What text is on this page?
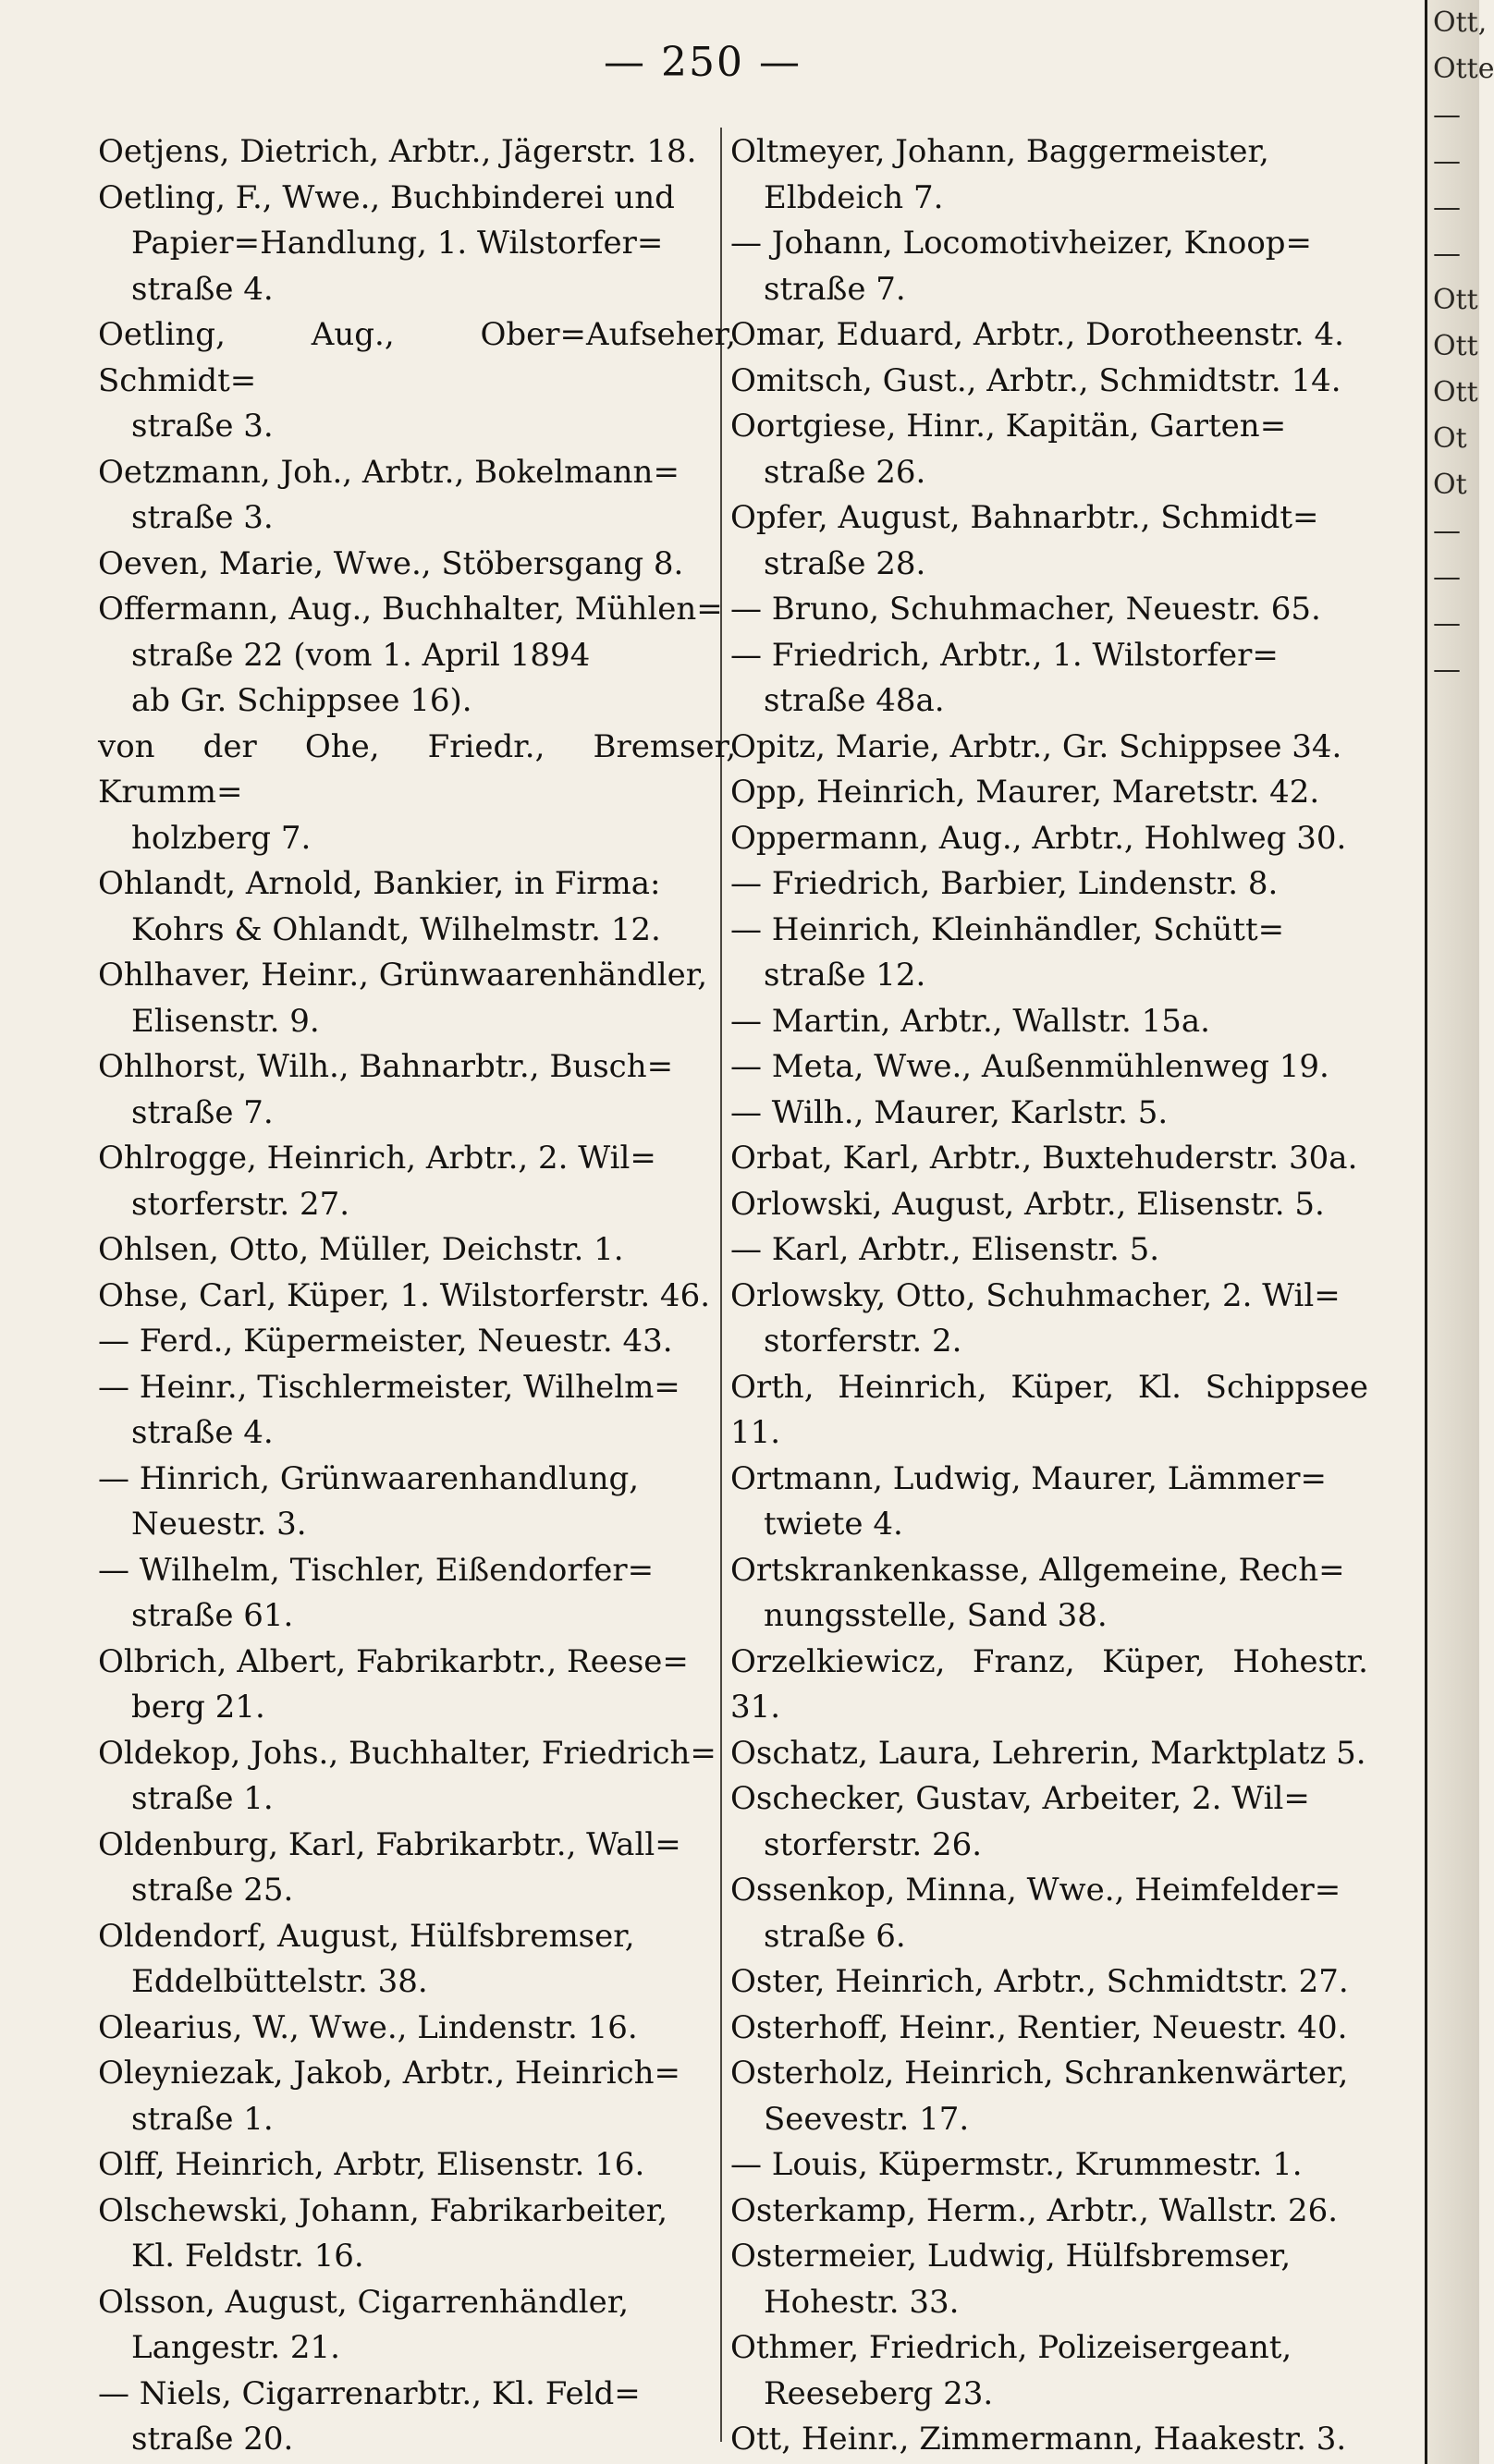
— 250 —
Oetjens, Dietrich, Arbtr., Jägerstr. 18.
Oetling, F., Wwe., Buchbinderei und
Papier=Handlung, 1. Wilstorfer=
straße 4.
Oetling, Aug., Ober=Aufseher, Schmidt=
straße 3.
Oetzmann, Joh., Arbtr., Bokelmann=
straße 3.
Oeven, Marie, Wwe., Stöbersgang 8.
Offermann, Aug., Buchhalter, Mühlen=
straße 22 (vom 1. April 1894
ab Gr. Schippsee 16).
von der Ohe, Friedr., Bremser, Krumm=
holzberg 7.
Ohlandt, Arnold, Bankier, in Firma:
Kohrs & Ohlandt, Wilhelmstr. 12.
Ohlhaver, Heinr., Grünwaarenhändler,
Elisenstr. 9.
Ohlhorst, Wilh., Bahnarbtr., Busch=
straße 7.
Ohlrogge, Heinrich, Arbtr., 2. Wil=
storferstr. 27.
Ohlsen, Otto, Müller, Deichstr. 1.
Ohse, Carl, Küper, 1. Wilstorferstr. 46.
— Ferd., Küpermeister, Neuestr. 43.
— Heinr., Tischlermeister, Wilhelm=
straße 4.
— Hinrich, Grünwaarenhandlung,
Neuestr. 3.
— Wilhelm, Tischler, Eißendorfer=
straße 61.
Olbrich, Albert, Fabrikarbtr., Reese=
berg 21.
Oldekop, Johs., Buchhalter, Friedrich=
straße 1.
Oldenburg, Karl, Fabrikarbtr., Wall=
straße 25.
Oldendorf, August, Hülfsbremser,
Eddelbüttelstr. 38.
Olearius, W., Wwe., Lindenstr. 16.
Oleyniezak, Jakob, Arbtr., Heinrich=
straße 1.
Olff, Heinrich, Arbtr, Elisenstr. 16.
Olschewski, Johann, Fabrikarbeiter,
Kl. Feldstr. 16.
Olsson, August, Cigarrenhändler,
Langestr. 21.
— Niels, Cigarrenarbtr., Kl. Feld=
straße 20.
Oltmeyer, Johann, Baggermeister,
Elbdeich 7.
— Johann, Locomotivheizer, Knoop=
straße 7.
Omar, Eduard, Arbtr., Dorotheenstr. 4.
Omitsch, Gust., Arbtr., Schmidtstr. 14.
Oortgiese, Hinr., Kapitän, Garten=
straße 26.
Opfer, August, Bahnarbtr., Schmidt=
straße 28.
— Bruno, Schuhmacher, Neuestr. 65.
— Friedrich, Arbtr., 1. Wilstorfer=
straße 48a.
Opitz, Marie, Arbtr., Gr. Schippsee 34.
Opp, Heinrich, Maurer, Maretstr. 42.
Oppermann, Aug., Arbtr., Hohlweg 30.
— Friedrich, Barbier, Lindenstr. 8.
— Heinrich, Kleinhändler, Schütt=
straße 12.
— Martin, Arbtr., Wallstr. 15a.
— Meta, Wwe., Außenmühlenweg 19.
— Wilh., Maurer, Karlstr. 5.
Orbat, Karl, Arbtr., Buxtehuderstr. 30a.
Orlowski, August, Arbtr., Elisenstr. 5.
— Karl, Arbtr., Elisenstr. 5.
Orlowsky, Otto, Schuhmacher, 2. Wil=
storferstr. 2.
Orth, Heinrich, Küper, Kl. Schippsee 11.
Ortmann, Ludwig, Maurer, Lämmer=
twiete 4.
Ortskrankenkasse, Allgemeine, Rech=
nungsstelle, Sand 38.
Orzelkiewicz, Franz, Küper, Hohestr. 31.
Oschatz, Laura, Lehrerin, Marktplatz 5.
Oschecker, Gustav, Arbeiter, 2. Wil=
storferstr. 26.
Ossenkop, Minna, Wwe., Heimfelder=
straße 6.
Oster, Heinrich, Arbtr., Schmidtstr. 27.
Osterhoff, Heinr., Rentier, Neuestr. 40.
Osterholz, Heinrich, Schrankenwärter,
Seevestr. 17.
— Louis, Küpermstr., Krummestr. 1.
Osterkamp, Herm., Arbtr., Wallstr. 26.
Ostermeier, Ludwig, Hülfsbremser,
Hohestr. 33.
Othmer, Friedrich, Polizeisergeant,
Reeseberg 23.
Ott, Heinr., Zimmermann, Haakestr. 3.
Ott,
Otte
—
—
—
—
Ott
Ott
Ott
Ot
Ot
—
—
—
—
